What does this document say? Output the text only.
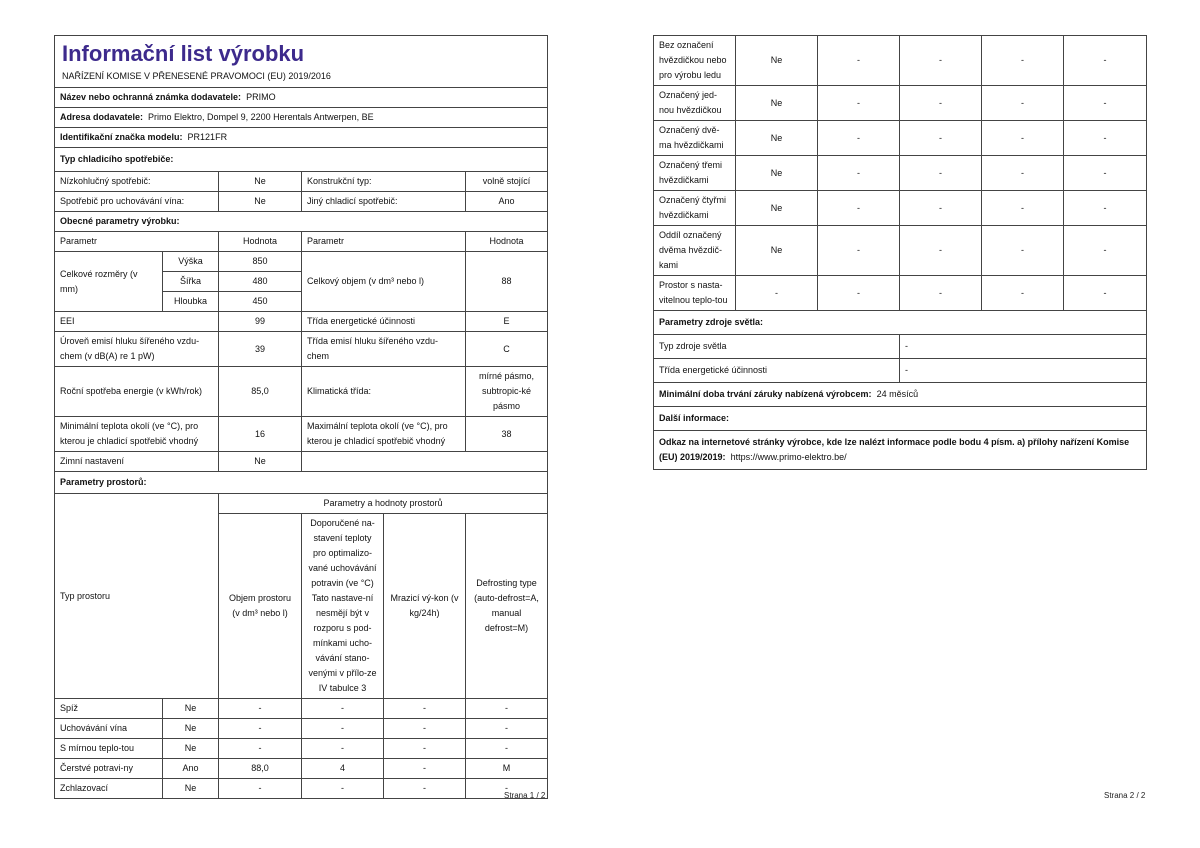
Informační list výrobku					
NAŘÍZENÍ KOMISE V PŘENESENÉ PRAVOMOCI (EU) 2019/2016					
Název nebo ochranná známka dodavatele: PRIMO					
Adresa dodavatele: Primo Elektro, Dompel 9, 2200 Herentals Antwerpen, BE					
Identifikační značka modelu: PR121FR					
Typ chladicího spotřebiče:					
Nízkohlučný spotřebič:		Ne	Konstrukční typ:		volně stojící
Spotřebič pro uchovávání vína:		Ne	Jiný chladicí spotřebič:		Ano
Obecné parametry výrobku:					
Parametr		Hodnota	Parametr		Hodnota
Celkové rozměry (v mm)	Výška	850	Celkový objem (v dm³ nebo l)		88
	Šířka	480			
	Hloubka	450			
EEI		99	Třída energetické účinnosti		E
Úroveň emisí hluku šířeného vzdu-chem (v dB(A) re 1 pW)		39	Třída emisí hluku šířeného vzdu-chem		C
Roční spotřeba energie (v kWh/rok)		85,0	Klimatická třída:		mírné pásmo, subtropic-ké pásmo
Minimální teplota okolí (ve °C), pro kterou je chladicí spotřebič vhodný		16	Maximální teplota okolí (ve °C), pro kterou je chladicí spotřebič vhodný		38
Zimní nastavení		Ne			
Parametry prostorů:					
Typ prostoru		Parametry a hodnoty prostorů			
		Objem prostoru (v dm³ nebo l)	Doporučené na-stavení teploty pro optimalizo-vané uchovávání potravin (ve °C) Tato nastave-ní nesmějí být v rozporu s pod-mínkami ucho-vávání stano-venými v přílo-ze IV tabulce 3	Mrazicí vý-kon (v kg/24h)	Defrosting type (auto-defrost=A, manual defrost=M)
Spíž	Ne	-	-	-	-
Uchovávání vína	Ne	-	-	-	-
S mírnou teplo-tou	Ne	-	-	-	-
Čerstvé potravi-ny	Ano	88,0	4	-	M
Zchlazovací	Ne	-	-	-	-
Strana 1 / 2
Bez označení hvězdičkou nebo pro výrobu ledu	Ne	-	-	-	-
Označený jed-nou hvězdičkou	Ne	-	-	-	-
Označený dvě-ma hvězdičkami	Ne	-	-	-	-
Označený třemi hvězdičkami	Ne	-	-	-	-
Označený čtyřmi hvězdičkami	Ne	-	-	-	-
Oddíl označený dvěma hvězdič-kami	Ne	-	-	-	-
Prostor s nasta-vitelnou teplo-tou	-	-	-	-	-
Parametry zdroje světla:					
Typ zdroje světla			-		
Třída energetické účinnosti			-		
Minimální doba trvání záruky nabízená výrobcem: 24 měsíců					
Další informace:					
Odkaz na internetové stránky výrobce, kde lze nalézt informace podle bodu 4 písm. a) přílohy nařízení Komise (EU) 2019/2019: https://www.primo-elektro.be/					
Strana 2 / 2
